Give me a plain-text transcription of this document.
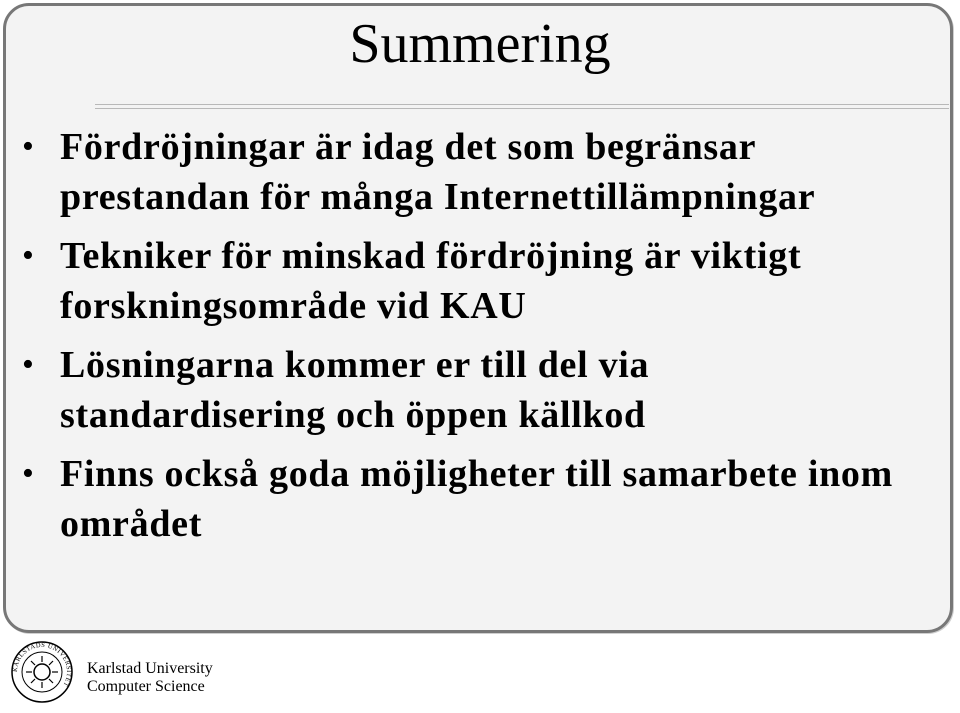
Summering
• Fördröjningar är idag det som begränsar prestandan för många Internettillämpningar
• Tekniker för minskad fördröjning är viktigt forskningsområde vid KAU
• Lösningarna kommer er till del via standardisering och öppen källkod
• Finns också goda möjligheter till samarbete inom området
KARLSTADS UNIVERSITET
Karlstad University
Computer Science
